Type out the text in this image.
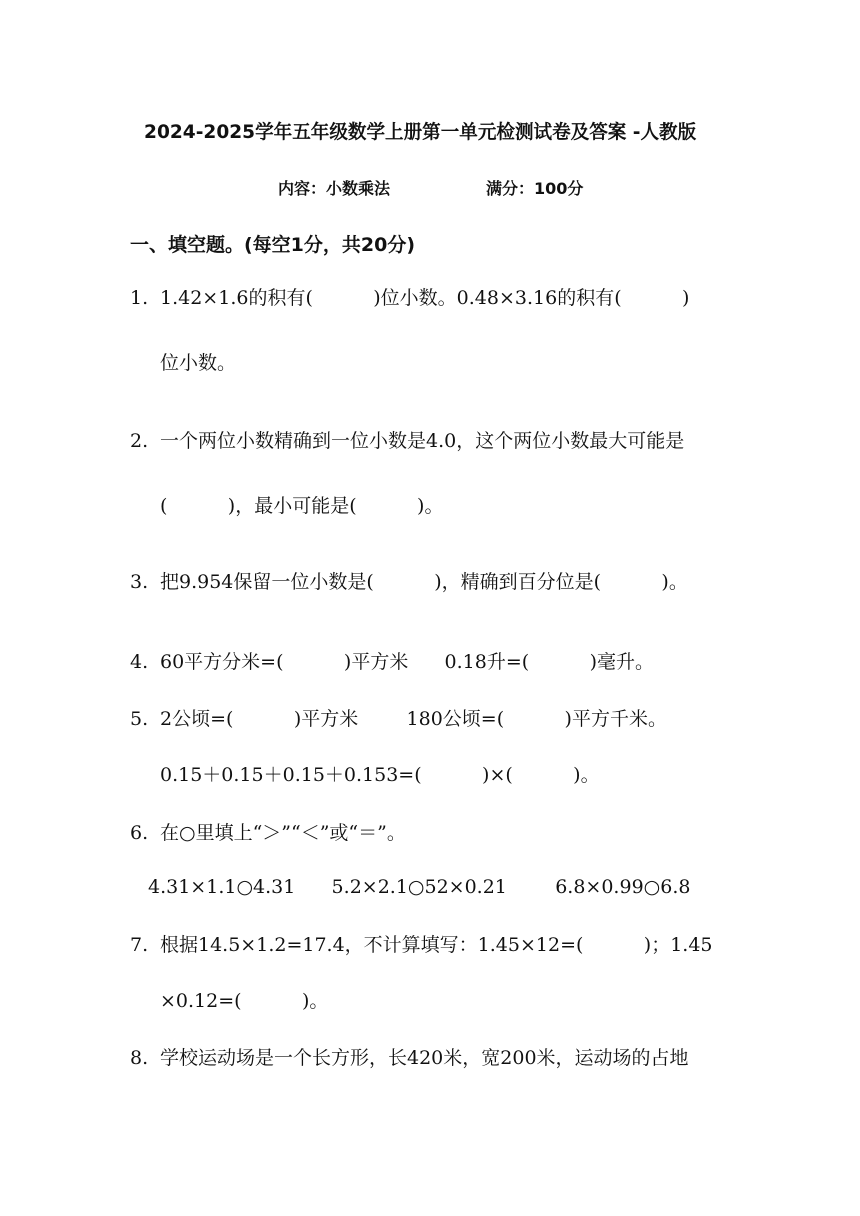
2024-2025学年五年级数学上册第一单元检测试卷及答案 -人教版
内容：小数乘法	满分：100分
一、填空题。(每空1分，共20分)
1. 1.42×1.6的积有(          )位小数。0.48×3.16的积有(          )
位小数。
2. 一个两位小数精确到一位小数是4.0，这个两位小数最大可能是
(          )，最小可能是(          )。
3. 把9.954保留一位小数是(          )，精确到百分位是(          )。
4. 60平方分米=(          )平方米      0.18升=(          )毫升。
5. 2公顷=(          )平方米        180公顷=(          )平方千米。
0.15＋0.15＋0.15＋0.153=(          )×(          )。
6. 在○里填上“＞”“＜”或“＝”。
4.31×1.1○4.31      5.2×2.1○52×0.21        6.8×0.99○6.8
7. 根据14.5×1.2=17.4，不计算填写：1.45×12=(          )；1.45
×0.12=(          )。
8. 学校运动场是一个长方形，长420米，宽200米，运动场的占地
